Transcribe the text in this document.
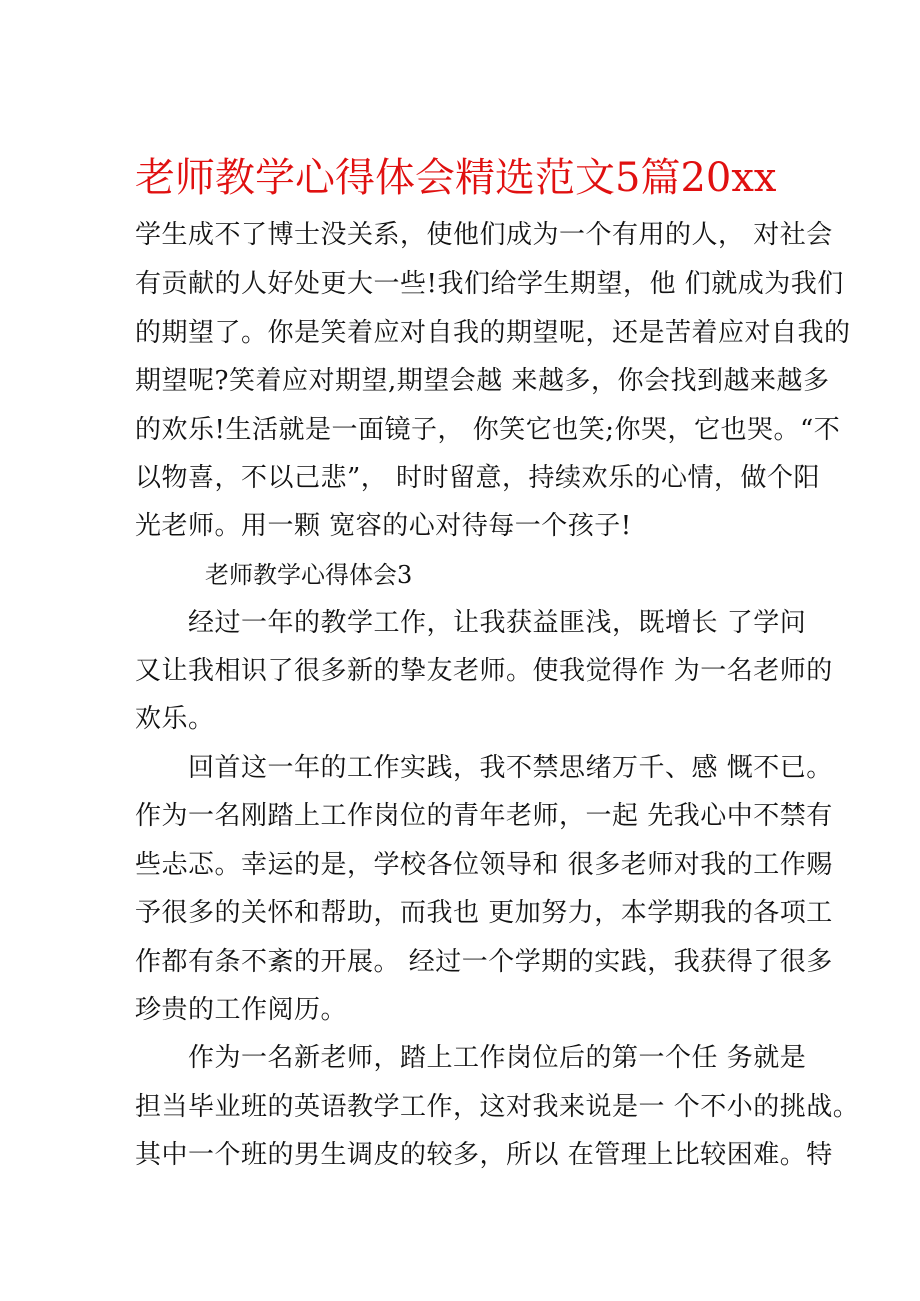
老师教学心得体会精选范文5篇20xx
学生成不了博士没关系，使他们成为一个有用的人， 对社会
有贡献的人好处更大一些!我们给学生期望，他 们就成为我们
的期望了。你是笑着应对自我的期望呢，还是苦着应对自我的
期望呢?笑着应对期望,期望会越 来越多，你会找到越来越多
的欢乐!生活就是一面镜子， 你笑它也笑;你哭，它也哭。“不
以物喜，不以己悲”， 时时留意，持续欢乐的心情，做个阳
光老师。用一颗 宽容的心对待每一个孩子!
老师教学心得体会3
　　经过一年的教学工作，让我获益匪浅，既增长 了学问
又让我相识了很多新的挚友老师。使我觉得作 为一名老师的
欢乐。
　　回首这一年的工作实践，我不禁思绪万千、感 慨不已。
作为一名刚踏上工作岗位的青年老师，一起 先我心中不禁有
些忐忑。幸运的是，学校各位领导和 很多老师对我的工作赐
予很多的关怀和帮助，而我也 更加努力，本学期我的各项工
作都有条不紊的开展。 经过一个学期的实践，我获得了很多
珍贵的工作阅历。
　　作为一名新老师，踏上工作岗位后的第一个任 务就是
担当毕业班的英语教学工作，这对我来说是一 个不小的挑战。
其中一个班的男生调皮的较多，所以 在管理上比较困难。特
